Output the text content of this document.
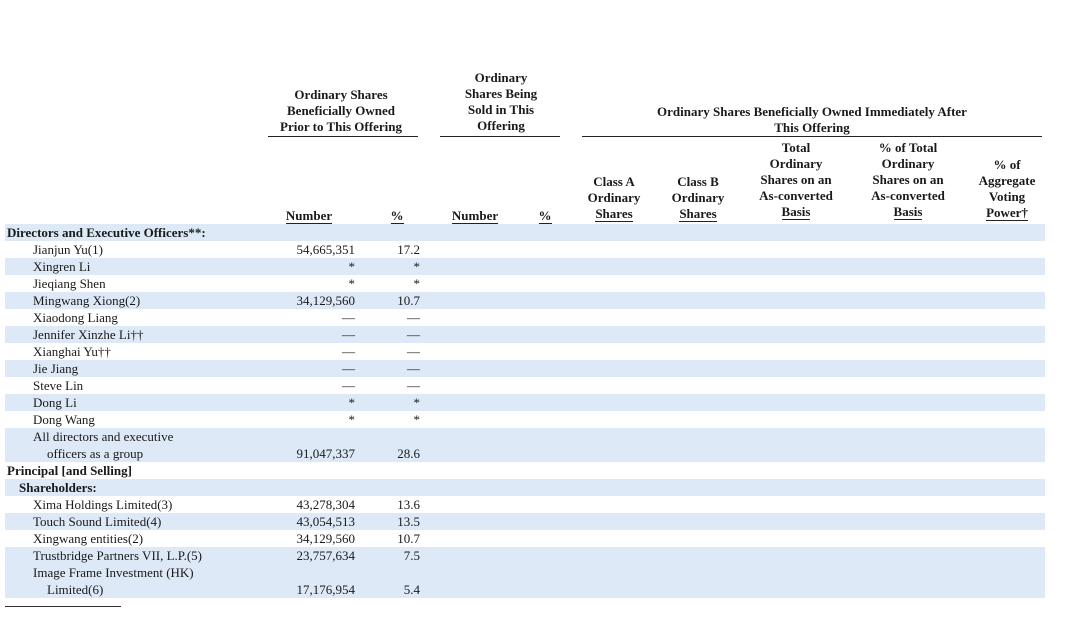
Ordinary Shares
Beneficially Owned
Prior to This Offering
Ordinary
Shares Being
Sold in This
Offering
Ordinary Shares Beneficially Owned Immediately After
This Offering
Number	%	Number	%
Class A
Ordinary
Shares
Class B
Ordinary
Shares
Total
Ordinary
Shares on an
As-converted
Basis
% of Total
Ordinary
Shares on an
As-converted
Basis
% of
Aggregate
Voting
Power†
Directors and Executive Officers**:
Jianjun Yu(1)	54,665,351	17.2
Xingren Li	*	*
Jieqiang Shen	*	*
Mingwang Xiong(2)	34,129,560	10.7
Xiaodong Liang	—	—
Jennifer Xinzhe Li††	—	—
Xianghai Yu††	—	—
Jie Jiang	—	—
Steve Lin	—	—
Dong Li	*	*
Dong Wang	*	*
All directors and executive
officers as a group	91,047,337	28.6
Principal [and Selling]
Shareholders:
Xima Holdings Limited(3)	43,278,304	13.6
Touch Sound Limited(4)	43,054,513	13.5
Xingwang entities(2)	34,129,560	10.7
Trustbridge Partners VII, L.P.(5)	23,757,634	7.5
Image Frame Investment (HK)
Limited(6)	17,176,954	5.4
